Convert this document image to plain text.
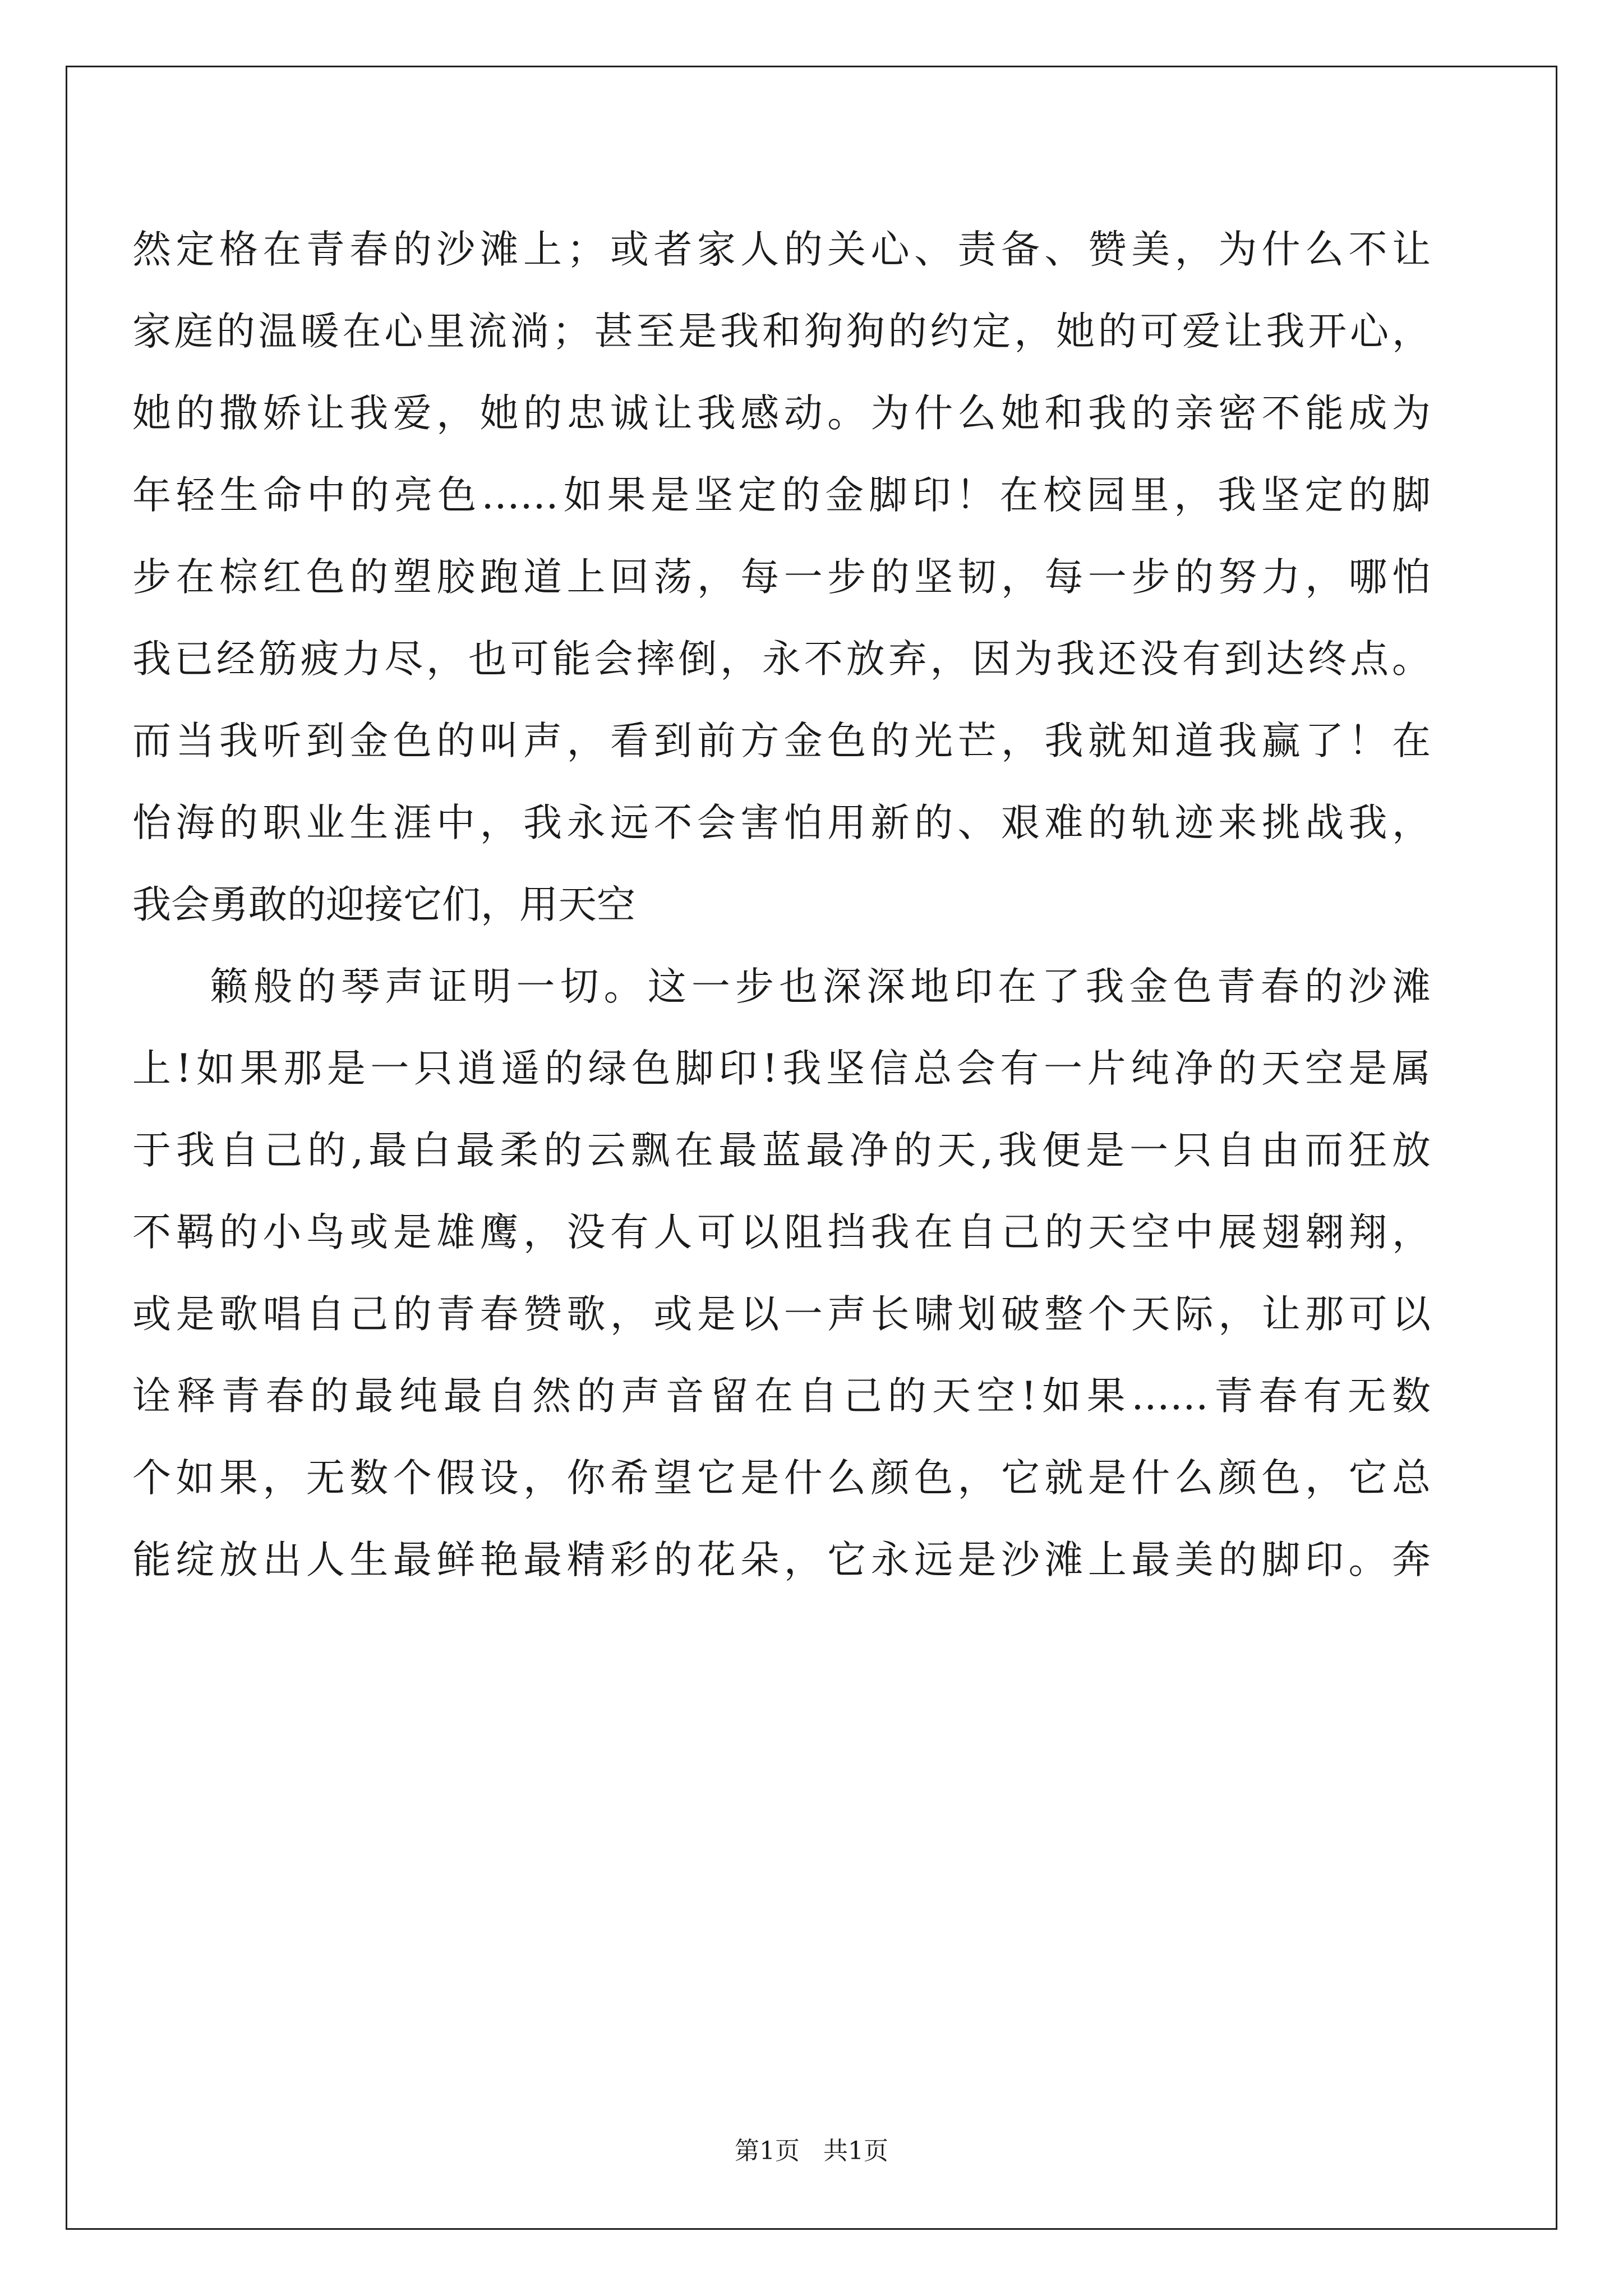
然定格在青春的沙滩上；或者家人的关心、责备、赞美，为什么不让
家庭的温暖在心里流淌；甚至是我和狗狗的约定，她的可爱让我开心，
她的撒娇让我爱，她的忠诚让我感动。为什么她和我的亲密不能成为
年轻生命中的亮色……如果是坚定的金脚印！在校园里，我坚定的脚
步在棕红色的塑胶跑道上回荡，每一步的坚韧，每一步的努力，哪怕
我已经筋疲力尽，也可能会摔倒，永不放弃，因为我还没有到达终点。
而当我听到金色的叫声，看到前方金色的光芒，我就知道我赢了！在
怡海的职业生涯中，我永远不会害怕用新的、艰难的轨迹来挑战我，
我会勇敢的迎接它们，用天空
籁般的琴声证明一切。这一步也深深地印在了我金色青春的沙滩
上!如果那是一只逍遥的绿色脚印!我坚信总会有一片纯净的天空是属
于我自己的,最白最柔的云飘在最蓝最净的天,我便是一只自由而狂放
不羁的小鸟或是雄鹰，没有人可以阻挡我在自己的天空中展翅翱翔，
或是歌唱自己的青春赞歌，或是以一声长啸划破整个天际，让那可以
诠释青春的最纯最自然的声音留在自己的天空!如果……青春有无数
个如果，无数个假设，你希望它是什么颜色，它就是什么颜色，它总
能绽放出人生最鲜艳最精彩的花朵，它永远是沙滩上最美的脚印。奔
第1页   共1页
